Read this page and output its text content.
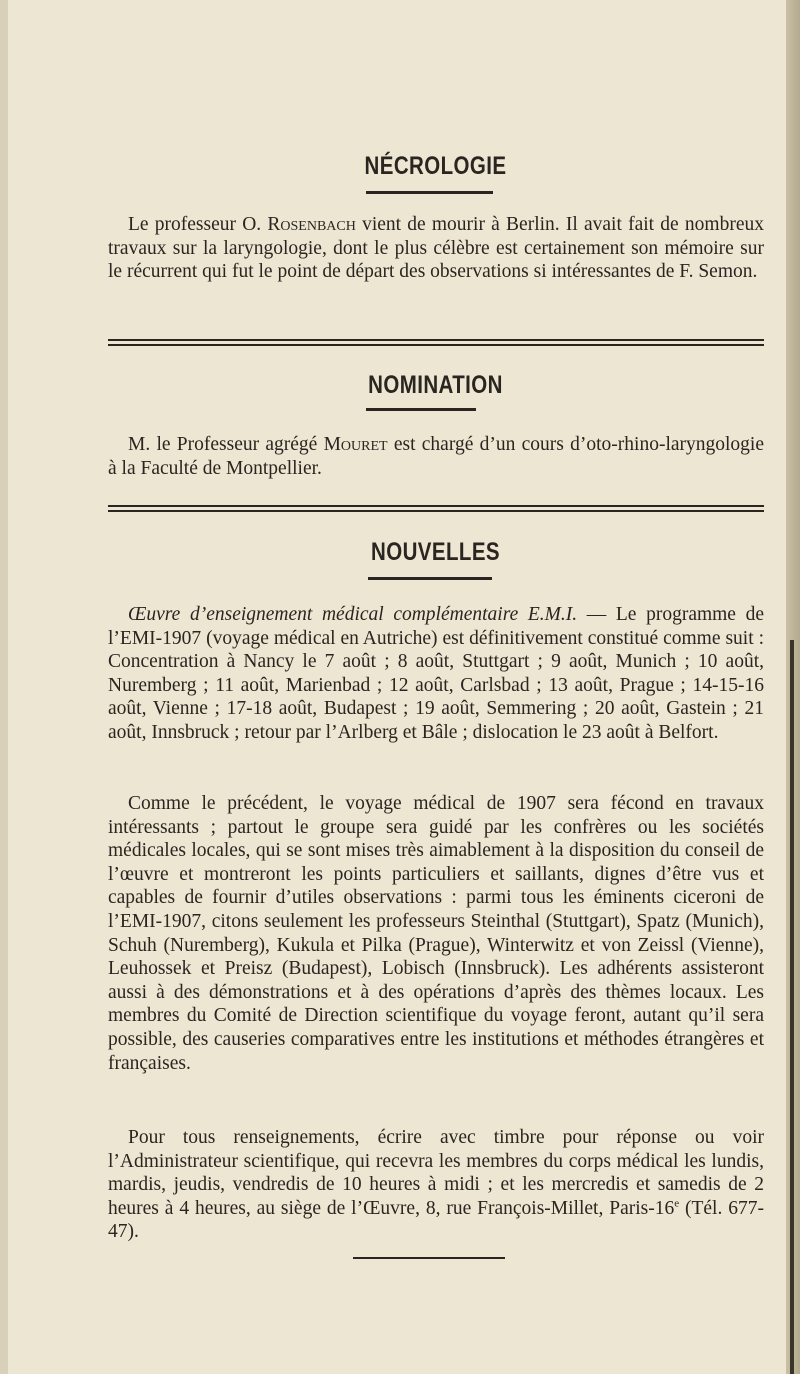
NÉCROLOGIE

Le professeur O. Rosenbach vient de mourir à Berlin. Il avait fait de nombreux travaux sur la laryngologie, dont le plus célèbre est certainement son mémoire sur le récurrent qui fut le point de départ des observations si intéressantes de F. Semon.

NOMINATION

M. le Professeur agrégé Mouret est chargé d’un cours d’oto-rhino-laryngologie à la Faculté de Montpellier.

NOUVELLES

Œuvre d’enseignement médical complémentaire E.M.I. — Le programme de l’EMI-1907 (voyage médical en Autriche) est définitivement constitué comme suit : Concentration à Nancy le 7 août ; 8 août, Stuttgart ; 9 août, Munich ; 10 août, Nuremberg ; 11 août, Marienbad ; 12 août, Carlsbad ; 13 août, Prague ; 14-15-16 août, Vienne ; 17-18 août, Budapest ; 19 août, Semmering ; 20 août, Gastein ; 21 août, Innsbruck ; retour par l’Arlberg et Bâle ; dislocation le 23 août à Belfort.

Comme le précédent, le voyage médical de 1907 sera fécond en travaux intéressants ; partout le groupe sera guidé par les confrères ou les sociétés médicales locales, qui se sont mises très aimablement à la disposition du conseil de l’œuvre et montreront les points particuliers et saillants, dignes d’être vus et capables de fournir d’utiles observations : parmi tous les éminents ciceroni de l’EMI-1907, citons seulement les professeurs Steinthal (Stuttgart), Spatz (Munich), Schuh (Nuremberg), Kukula et Pilka (Prague), Winterwitz et von Zeissl (Vienne), Leuhossek et Preisz (Budapest), Lobisch (Innsbruck). Les adhérents assisteront aussi à des démonstrations et à des opérations d’après des thèmes locaux. Les membres du Comité de Direction scientifique du voyage feront, autant qu’il sera possible, des causeries comparatives entre les institutions et méthodes étrangères et françaises.

Pour tous renseignements, écrire avec timbre pour réponse ou voir l’Administrateur scientifique, qui recevra les membres du corps médical les lundis, mardis, jeudis, vendredis de 10 heures à midi ; et les mercredis et samedis de 2 heures à 4 heures, au siège de l’Œuvre, 8, rue François-Millet, Paris-16e (Tél. 677-47).
